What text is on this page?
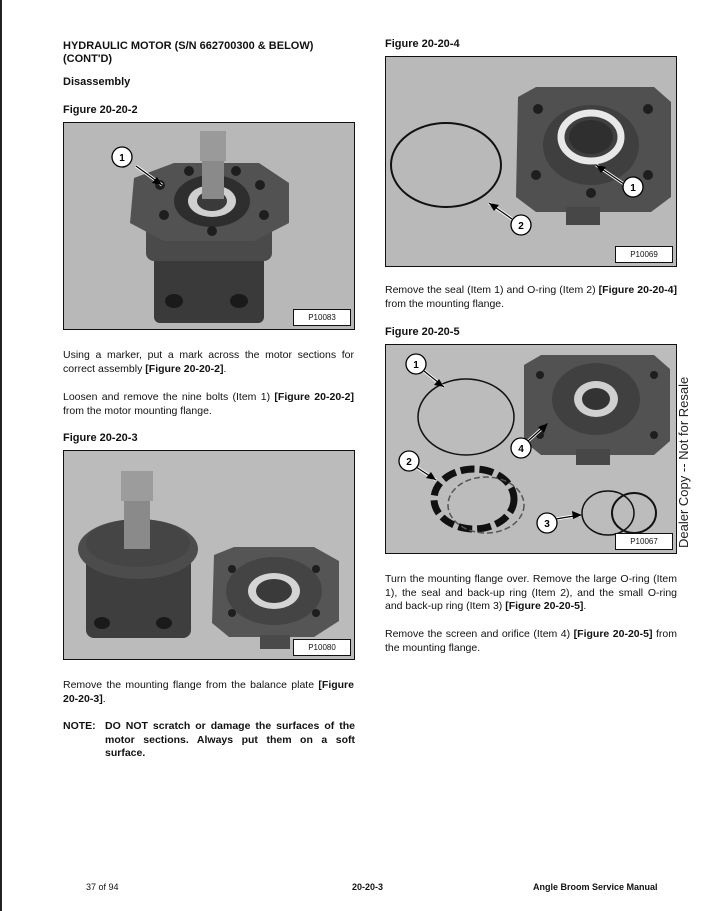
HYDRAULIC MOTOR (S/N 662700300 & BELOW)
(CONT'D)
Disassembly
Figure 20-20-2
1
P10083
Using a marker, put a mark across the motor sections for correct assembly [Figure 20-20-2].
Loosen and remove the nine bolts (Item 1) [Figure 20-20-2] from the motor mounting flange.
Figure 20-20-3
P10080
Remove the mounting flange from the balance plate [Figure 20-20-3].
NOTE: DO NOT scratch or damage the surfaces of the motor sections. Always put them on a soft surface.
Figure 20-20-4
1
2
P10069
Remove the seal (Item 1) and O-ring (Item 2) [Figure 20-20-4] from the mounting flange.
Figure 20-20-5
1
2
3
4
P10067
Turn the mounting flange over. Remove the large O-ring (Item 1), the seal and back-up ring (Item 2), and the small O-ring and back-up ring (Item 3) [Figure 20-20-5].
Remove the screen and orifice (Item 4) [Figure 20-20-5] from the mounting flange.
Dealer Copy -- Not for Resale
37 of 94	20-20-3	Angle Broom Service Manual
